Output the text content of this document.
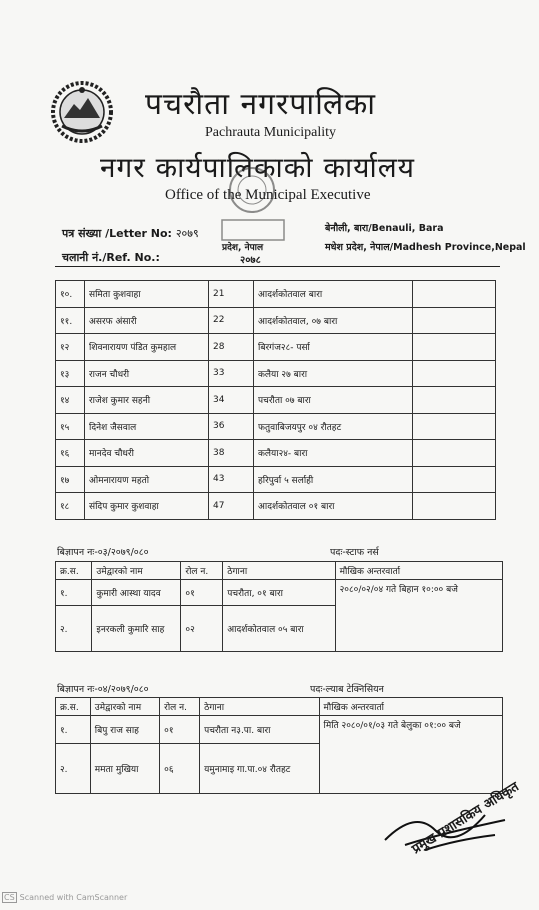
पचरौता नगरपालिका
Pachrauta Municipality
नगर कार्यपालिकाको कार्यालय
Office of the Municipal Executive
पत्र संख्या /Letter No: २०७९
चलानी नं./Ref. No.:
बेनौली, बारा/Benauli, Bara
मधेश प्रदेश, नेपाल/Madhesh Province,Nepal
प्रदेश, नेपाल
२०७८
१०.	समिता कुशवाहा	21	आदर्शकोतवाल बारा	
११.	असरफ अंसारी	22	आदर्शकोतवाल, ०७ बारा	
१२	शिवनारायण पंडित कुमहाल	28	बिरगंज२८- पर्सा	
१३	राजन चौधरी	33	कलैया २७ बारा	
१४	राजेश कुमार सहनी	34	पचरौता ०७ बारा	
१५	दिनेश जैसवाल	36	फतुवाबिजयपुर ०४ रौतहट	
१६	मानदेव चौधरी	38	कलैया२४- बारा	
१७	ओमनारायण महतो	43	हरिपुर्वा ५ सर्लाही	
१८	संदिप कुमार कुशवाहा	47	आदर्शकोतवाल ०१ बारा	
बिज्ञापन नः-०३/२०७९/०८०	पदः-स्टाफ नर्स
क्र.स.	उमेद्वारको नाम	रोल न.	ठेगाना	मौखिक अन्तरवार्ता
१.	कुमारी आस्था यादव	०१	पचरौता, ०१ बारा	२०८०/०२/०४ गते बिहान १०:०० बजे
२.	इनरकली कुमारि साह	०२	आदर्शकोतवाल ०५ बारा	
बिज्ञापन नः-०४/२०७९/०८०	पदः-ल्याब टेक्निसियन
क्र.स.	उमेद्वारको नाम	रोल न.	ठेगाना	मौखिक अन्तरवार्ता
१.	बिपु राज साह	०१	पचरौता न३.पा. बारा	मिति २०८०/०१/०३ गते बेलुका ०१:०० बजे
२.	ममता मुखिया	०६	यमुनामाइ गा.पा.०४ रौतहट	
प्रमुख प्रशासकिय अधिकृत
CS Scanned with CamScanner
